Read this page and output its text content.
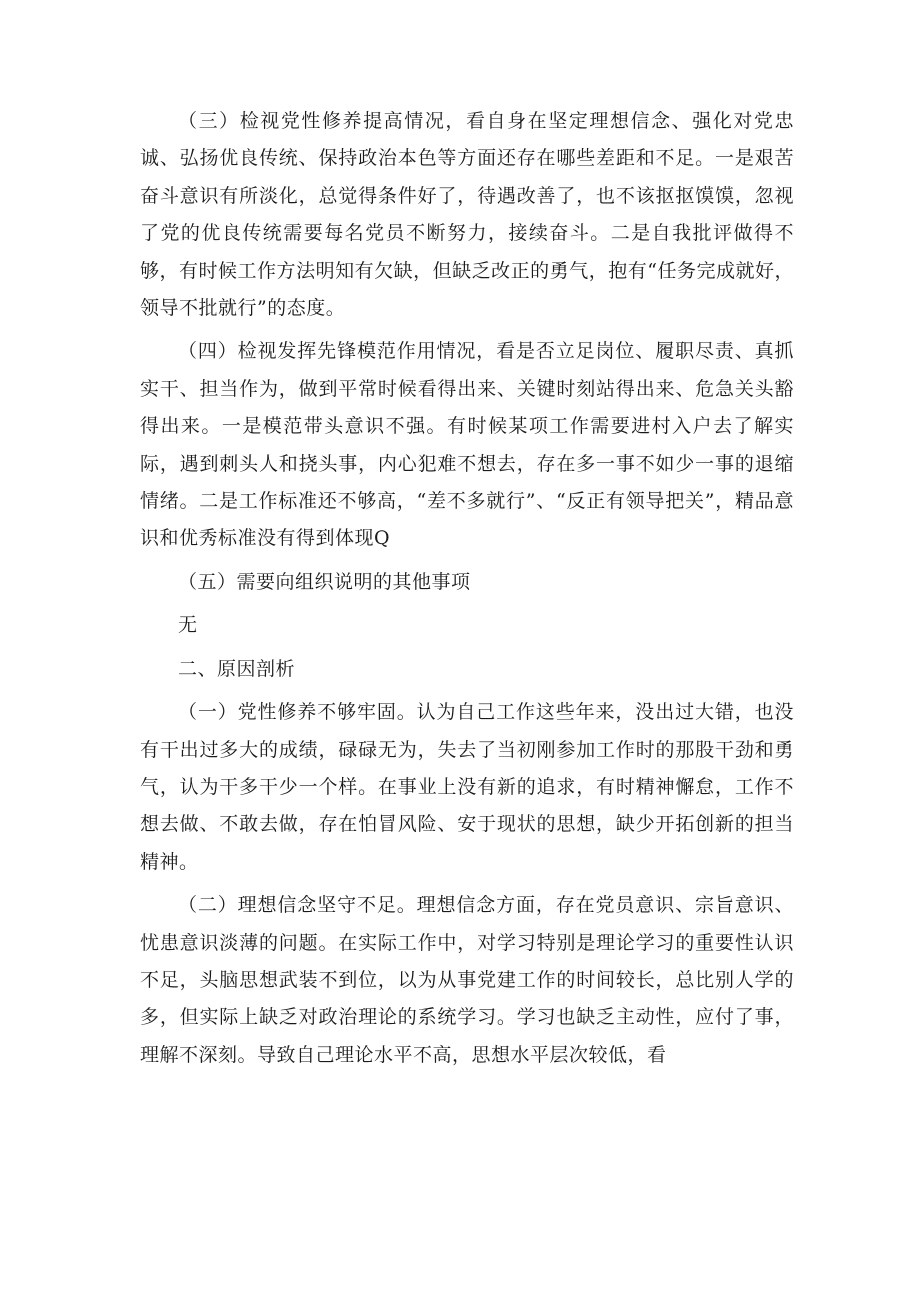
（三）检视党性修养提高情况，看自身在坚定理想信念、强化对党忠诚、弘扬优良传统、保持政治本色等方面还存在哪些差距和不足。一是艰苦奋斗意识有所淡化，总觉得条件好了，待遇改善了，也不该抠抠馍馍，忽视了党的优良传统需要每名党员不断努力，接续奋斗。二是自我批评做得不够，有时候工作方法明知有欠缺，但缺乏改正的勇气，抱有“任务完成就好，领导不批就行”的态度。

（四）检视发挥先锋模范作用情况，看是否立足岗位、履职尽责、真抓实干、担当作为，做到平常时候看得出来、关键时刻站得出来、危急关头豁得出来。一是模范带头意识不强。有时候某项工作需要进村入户去了解实际，遇到刺头人和挠头事，内心犯难不想去，存在多一事不如少一事的退缩情绪。二是工作标准还不够高，“差不多就行”、“反正有领导把关”，精品意识和优秀标准没有得到体现Q

（五）需要向组织说明的其他事项

无

二、原因剖析

（一）党性修养不够牢固。认为自己工作这些年来，没出过大错，也没有干出过多大的成绩，碌碌无为，失去了当初刚参加工作时的那股干劲和勇气，认为干多干少一个样。在事业上没有新的追求，有时精神懈怠，工作不想去做、不敢去做，存在怕冒风险、安于现状的思想，缺少开拓创新的担当精神。

（二）理想信念坚守不足。理想信念方面，存在党员意识、宗旨意识、忧患意识淡薄的问题。在实际工作中，对学习特别是理论学习的重要性认识不足，头脑思想武装不到位，以为从事党建工作的时间较长，总比别人学的多，但实际上缺乏对政治理论的系统学习。学习也缺乏主动性，应付了事，理解不深刻。导致自己理论水平不高，思想水平层次较低，看
